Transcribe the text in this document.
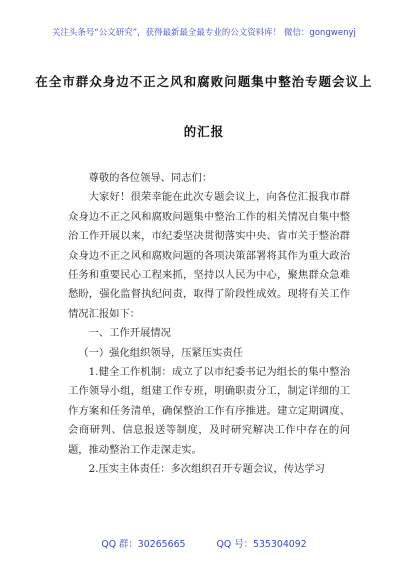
关注头条号“公文研究”，获得最新最全最专业的公文资料库！ 微信：gongwenyj
在全市群众身边不正之风和腐败问题集中整治专题会议上
的汇报

尊敬的各位领导、同志们：

大家好！很荣幸能在此次专题会议上，向各位汇报我市群众身边不正之风和腐败问题集中整治工作的相关情况自集中整治工作开展以来，市纪委坚决贯彻落实中央、省市关于整治群众身边不正之风和腐败问题的各项决策部署将其作为重大政治任务和重要民心工程来抓，坚持以人民为中心，聚焦群众急难愁盼，强化监督执纪问责，取得了阶段性成效。现将有关工作情况汇报如下：

一、工作开展情况

（一）强化组织领导，压紧压实责任

1.健全工作机制：成立了以市纪委书记为组长的集中整治工作领导小组，组建工作专班，明确职责分工，制定详细的工作方案和任务清单，确保整治工作有序推进。建立定期调度、会商研判、信息报送等制度，及时研究解决工作中存在的问题，推动整治工作走深走实。

2.压实主体责任：多次组织召开专题会议，传达学习

QQ 群：30265665	QQ 号：535304092
